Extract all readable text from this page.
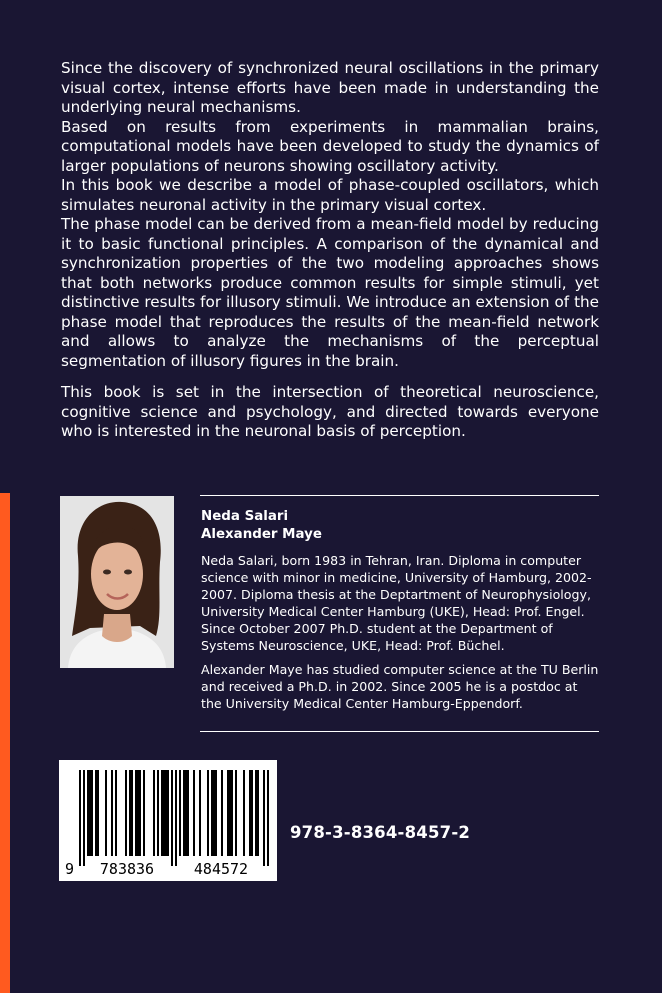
Since the discovery of synchronized neural oscillations in the primary visual cortex, intense efforts have been made in understanding the underlying neural mechanisms.

Based on results from experiments in mammalian brains, computational models have been developed to study the dynamics of larger populations of neurons showing oscillatory activity.

In this book we describe a model of phase-coupled oscillators, which simulates neuronal activity in the primary visual cortex.

The phase model can be derived from a mean-field model by reducing it to basic functional principles. A comparison of the dynamical and synchronization properties of the two modeling approaches shows that both networks produce common results for simple stimuli, yet distinctive results for illusory stimuli. We introduce an extension of the phase model that reproduces the results of the mean-field network and allows to analyze the mechanisms of the perceptual segmentation of illusory figures in the brain.

This book is set in the intersection of theoretical neuroscience, cognitive science and psychology, and directed towards everyone who is interested in the neuronal basis of perception.

Neda Salari
Alexander Maye

Neda Salari, born 1983 in Tehran, Iran. Diploma in computer science with minor in medicine, University of Hamburg, 2002-2007. Diploma thesis at the Deptartment of Neurophysiology, University Medical Center Hamburg (UKE), Head: Prof. Engel. Since October 2007 Ph.D. student at the Department of Systems Neuroscience, UKE, Head: Prof. Büchel.

Alexander Maye has studied computer science at the TU Berlin and received a Ph.D. in 2002. Since 2005 he is a postdoc at the University Medical Center Hamburg-Eppendorf.

9 783836	484572
978-3-8364-8457-2
